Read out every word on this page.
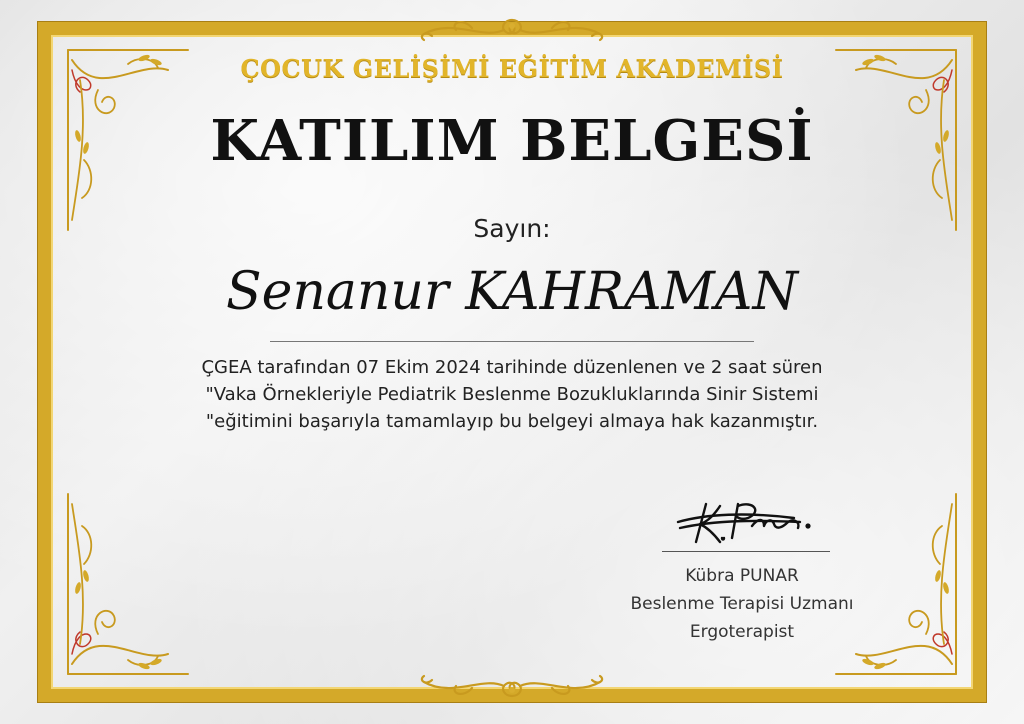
ÇOCUK GELİŞİMİ EĞİTİM AKADEMİSİ
KATILIM BELGESİ
Sayın:
Senanur KAHRAMAN
ÇGEA tarafından 07 Ekim 2024 tarihinde düzenlenen ve 2 saat süren
"Vaka Örnekleriyle Pediatrik Beslenme Bozukluklarında Sinir Sistemi
"eğitimini başarıyla tamamlayıp bu belgeyi almaya hak kazanmıştır.
Kübra PUNAR
Beslenme Terapisi Uzmanı
Ergoterapist
